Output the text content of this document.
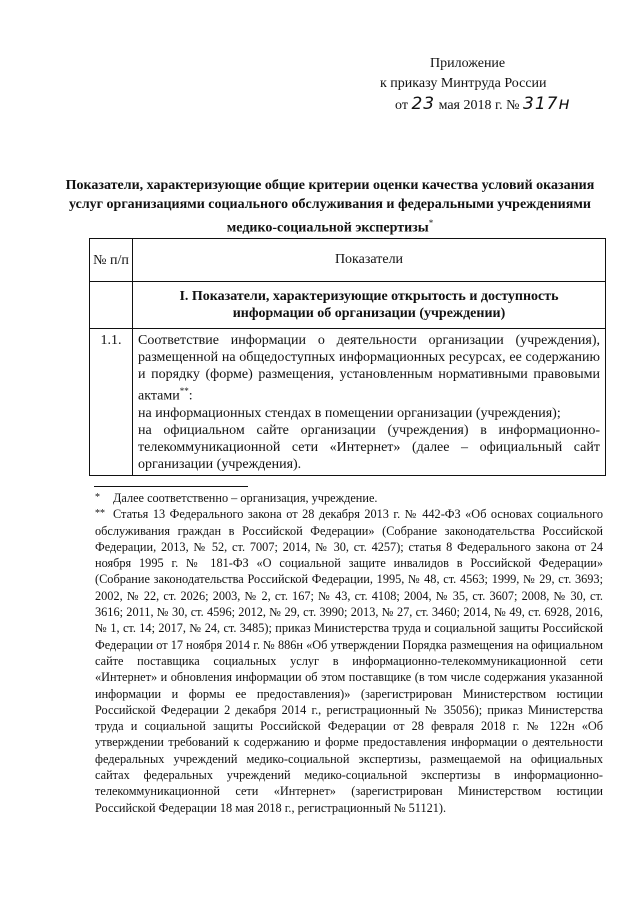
Приложение
к приказу Минтруда России
от 23 мая 2018 г. № 317н
Показатели, характеризующие общие критерии оценки качества условий оказания услуг организациями социального обслуживания и федеральными учреждениями медико-социальной экспертизы*
№ п/п	Показатели
	I. Показатели, характеризующие открытость и доступность информации об организации (учреждении)
1.1.	Соответствие информации о деятельности организации (учреждения), размещенной на общедоступных информационных ресурсах, ее содержанию и порядку (форме) размещения, установленным нормативными правовыми актами**:

на информационных стендах в помещении организации (учреждения);

на официальном сайте организации (учреждения) в информационно-телекоммуникационной сети «Интернет» (далее – официальный сайт организации (учреждения).

* Далее соответственно – организация, учреждение.

** Статья 13 Федерального закона от 28 декабря 2013 г. № 442-ФЗ «Об основах социального обслуживания граждан в Российской Федерации» (Собрание законодательства Российской Федерации, 2013, № 52, ст. 7007; 2014, № 30, ст. 4257); статья 8 Федерального закона от 24 ноября 1995 г. № 181-ФЗ «О социальной защите инвалидов в Российской Федерации» (Собрание законодательства Российской Федерации, 1995, № 48, ст. 4563; 1999, № 29, ст. 3693; 2002, № 22, ст. 2026; 2003, № 2, ст. 167; № 43, ст. 4108; 2004, № 35, ст. 3607; 2008, № 30, ст. 3616; 2011, № 30, ст. 4596; 2012, № 29, ст. 3990; 2013, № 27, ст. 3460; 2014, № 49, ст. 6928, 2016, № 1, ст. 14; 2017, № 24, ст. 3485); приказ Министерства труда и социальной защиты Российской Федерации от 17 ноября 2014 г. № 886н «Об утверждении Порядка размещения на официальном сайте поставщика социальных услуг в информационно-телекоммуникационной сети «Интернет» и обновления информации об этом поставщике (в том числе содержания указанной информации и формы ее предоставления)» (зарегистрирован Министерством юстиции Российской Федерации 2 декабря 2014 г., регистрационный № 35056); приказ Министерства труда и социальной защиты Российской Федерации от 28 февраля 2018 г. № 122н «Об утверждении требований к содержанию и форме предоставления информации о деятельности федеральных учреждений медико-социальной экспертизы, размещаемой на официальных сайтах федеральных учреждений медико-социальной экспертизы в информационно-телекоммуникационной сети «Интернет» (зарегистрирован Министерством юстиции Российской Федерации 18 мая 2018 г., регистрационный № 51121).
